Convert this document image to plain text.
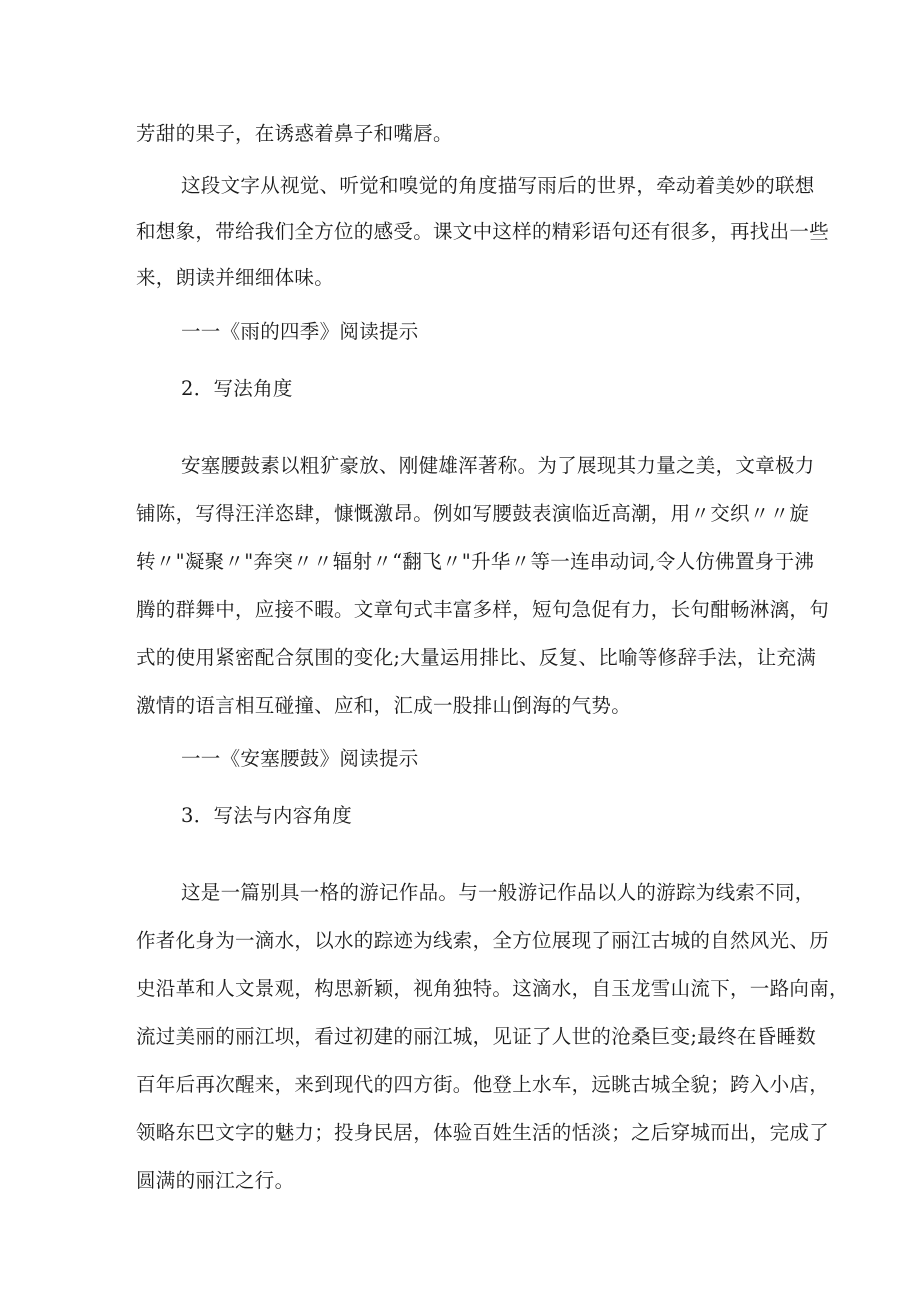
芳甜的果子，在诱惑着鼻子和嘴唇。
这段文字从视觉、听觉和嗅觉的角度描写雨后的世界，牵动着美妙的联想
和想象，带给我们全方位的感受。课文中这样的精彩语句还有很多，再找出一些
来，朗读并细细体味。
一一《雨的四季》阅读提示
2．写法角度
安塞腰鼓素以粗犷豪放、刚健雄浑著称。为了展现其力量之美，文章极力
铺陈，写得汪洋恣肆，慷慨激昂。例如写腰鼓表演临近高潮，用〃交织〃〃旋
转〃"凝聚〃"奔突〃〃辐射〃“翻飞〃"升华〃等一连串动词,令人仿佛置身于沸
腾的群舞中，应接不暇。文章句式丰富多样，短句急促有力，长句酣畅淋漓，句
式的使用紧密配合氛围的变化;大量运用排比、反复、比喻等修辞手法，让充满
激情的语言相互碰撞、应和，汇成一股排山倒海的气势。
一一《安塞腰鼓》阅读提示
3．写法与内容角度
这是一篇别具一格的游记作品。与一般游记作品以人的游踪为线索不同，
作者化身为一滴水，以水的踪迹为线索，全方位展现了丽江古城的自然风光、历
史沿革和人文景观，构思新颖，视角独特。这滴水，自玉龙雪山流下，一路向南，
流过美丽的丽江坝，看过初建的丽江城，见证了人世的沧桑巨变;最终在昏睡数
百年后再次醒来，来到现代的四方街。他登上水车，远眺古城全貌；跨入小店，
领略东巴文字的魅力；投身民居，体验百姓生活的恬淡；之后穿城而出，完成了
圆满的丽江之行。
